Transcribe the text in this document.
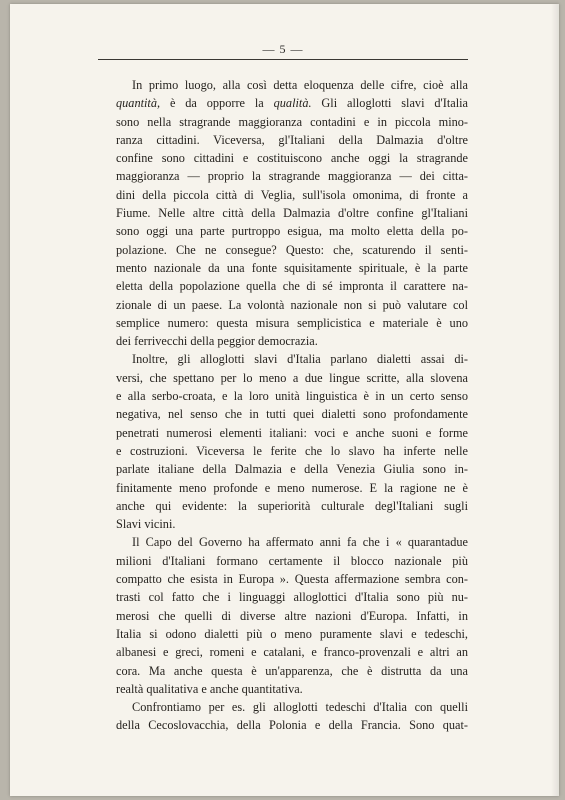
— 5 —
In primo luogo, alla così detta eloquenza delle cifre, cioè alla
quantità, è da opporre la qualità. Gli alloglotti slavi d'Italia
sono nella stragrande maggioranza contadini e in piccola mino-
ranza cittadini. Viceversa, gl'Italiani della Dalmazia d'oltre
confine sono cittadini e costituiscono anche oggi la stragrande
maggioranza — proprio la stragrande maggioranza — dei citta-
dini della piccola città di Veglia, sull'isola omonima, di fronte a
Fiume. Nelle altre città della Dalmazia d'oltre confine gl'Italiani
sono oggi una parte purtroppo esigua, ma molto eletta della po-
polazione. Che ne consegue? Questo: che, scaturendo il senti-
mento nazionale da una fonte squisitamente spirituale, è la parte
eletta della popolazione quella che di sé impronta il carattere na-
zionale di un paese. La volontà nazionale non si può valutare col
semplice numero: questa misura semplicistica e materiale è uno
dei ferrivecchi della peggior democrazia.
Inoltre, gli alloglotti slavi d'Italia parlano dialetti assai di-
versi, che spettano per lo meno a due lingue scritte, alla slovena
e alla serbo-croata, e la loro unità linguistica è in un certo senso
negativa, nel senso che in tutti quei dialetti sono profondamente
penetrati numerosi elementi italiani: voci e anche suoni e forme
e costruzioni. Viceversa le ferite che lo slavo ha inferte nelle
parlate italiane della Dalmazia e della Venezia Giulia sono in-
finitamente meno profonde e meno numerose. E la ragione ne è
anche qui evidente: la superiorità culturale degl'Italiani sugli
Slavi vicini.
Il Capo del Governo ha affermato anni fa che i « quarantadue
milioni d'Italiani formano certamente il blocco nazionale più
compatto che esista in Europa ». Questa affermazione sembra con-
trasti col fatto che i linguaggi alloglottici d'Italia sono più nu-
merosi che quelli di diverse altre nazioni d'Europa. Infatti, in
Italia si odono dialetti più o meno puramente slavi e tedeschi,
albanesi e greci, romeni e catalani, e franco-provenzali e altri an
cora. Ma anche questa è un'apparenza, che è distrutta da una
realtà qualitativa e anche quantitativa.
Confrontiamo per es. gli alloglotti tedeschi d'Italia con quelli
della Cecoslovacchia, della Polonia e della Francia. Sono quat-
